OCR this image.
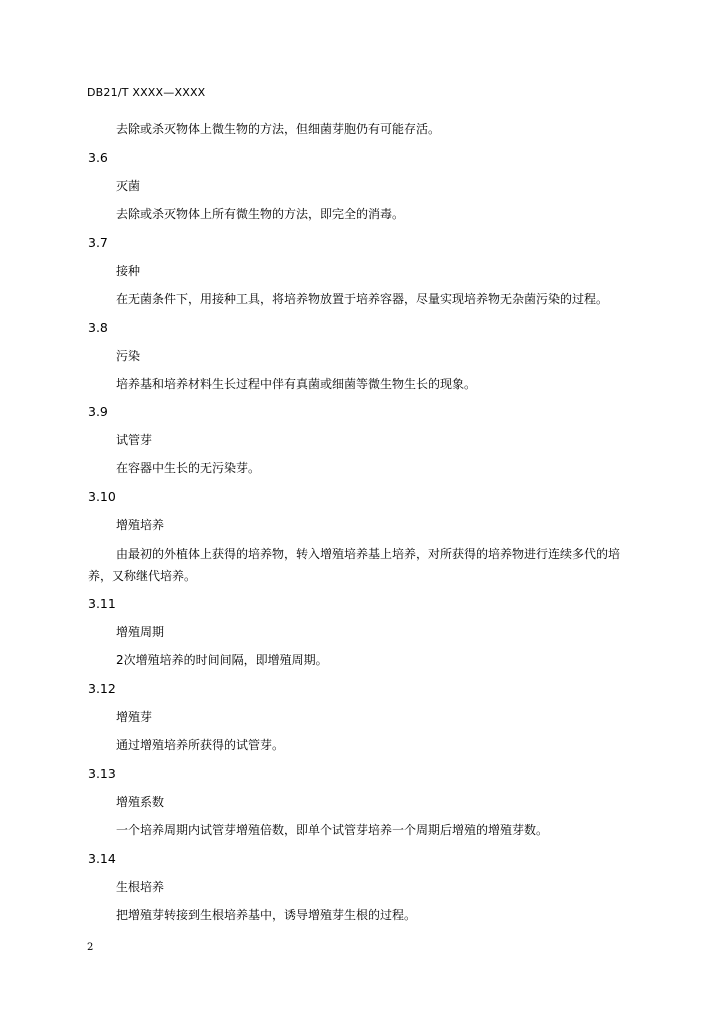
DB21/T XXXX—XXXX
去除或杀灭物体上微生物的方法，但细菌芽胞仍有可能存活。
3.6
灭菌
去除或杀灭物体上所有微生物的方法，即完全的消毒。
3.7
接种
在无菌条件下，用接种工具，将培养物放置于培养容器，尽量实现培养物无杂菌污染的过程。
3.8
污染
培养基和培养材料生长过程中伴有真菌或细菌等微生物生长的现象。
3.9
试管芽
在容器中生长的无污染芽。
3.10
增殖培养
由最初的外植体上获得的培养物，转入增殖培养基上培养，对所获得的培养物进行连续多代的培
养，又称继代培养。
3.11
增殖周期
2次增殖培养的时间间隔，即增殖周期。
3.12
增殖芽
通过增殖培养所获得的试管芽。
3.13
增殖系数
一个培养周期内试管芽增殖倍数，即单个试管芽培养一个周期后增殖的增殖芽数。
3.14
生根培养
把增殖芽转接到生根培养基中，诱导增殖芽生根的过程。
2
